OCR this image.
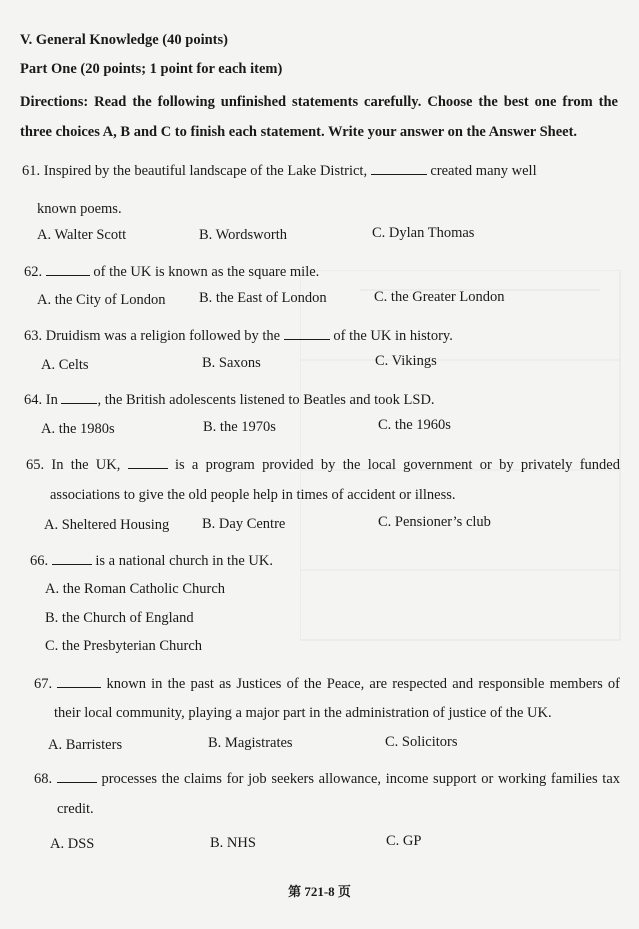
V. General Knowledge (40 points)
Part One (20 points; 1 point for each item)
Directions: Read the following unfinished statements carefully. Choose the best one from the
three choices A, B and C to finish each statement. Write your answer on the Answer Sheet.
61. Inspired by the beautiful landscape of the Lake District,	created many well
known poems.
A. Walter Scott	B. Wordsworth	C. Dylan Thomas
62.	of the UK is known as the square mile.
A. the City of London B. the East of London	C. the Greater London
63. Druidism was a religion followed by the	of the UK in history.
A. Celts	B. Saxons	C. Vikings
64. In , the British adolescents listened to Beatles and took LSD.
A. the 1980s	B. the 1970s	C. the 1960s
65. In the UK,	is a program provided by the local government or by privately funded
associations to give the old people help in times of accident or illness.
A. Sheltered Housing B. Day Centre	C. Pensioner’s club
66.	is a national church in the UK.
A. the Roman Catholic Church
B. the Church of England
C. the Presbyterian Church
67.	known in the past as Justices of the Peace, are respected and responsible members of
their local community, playing a major part in the administration of justice of the UK.
A. Barristers	B. Magistrates	C. Solicitors
68.	processes the claims for job seekers allowance, income support or working families tax
credit.
A. DSS	B. NHS	C. GP
第 721-8 页
